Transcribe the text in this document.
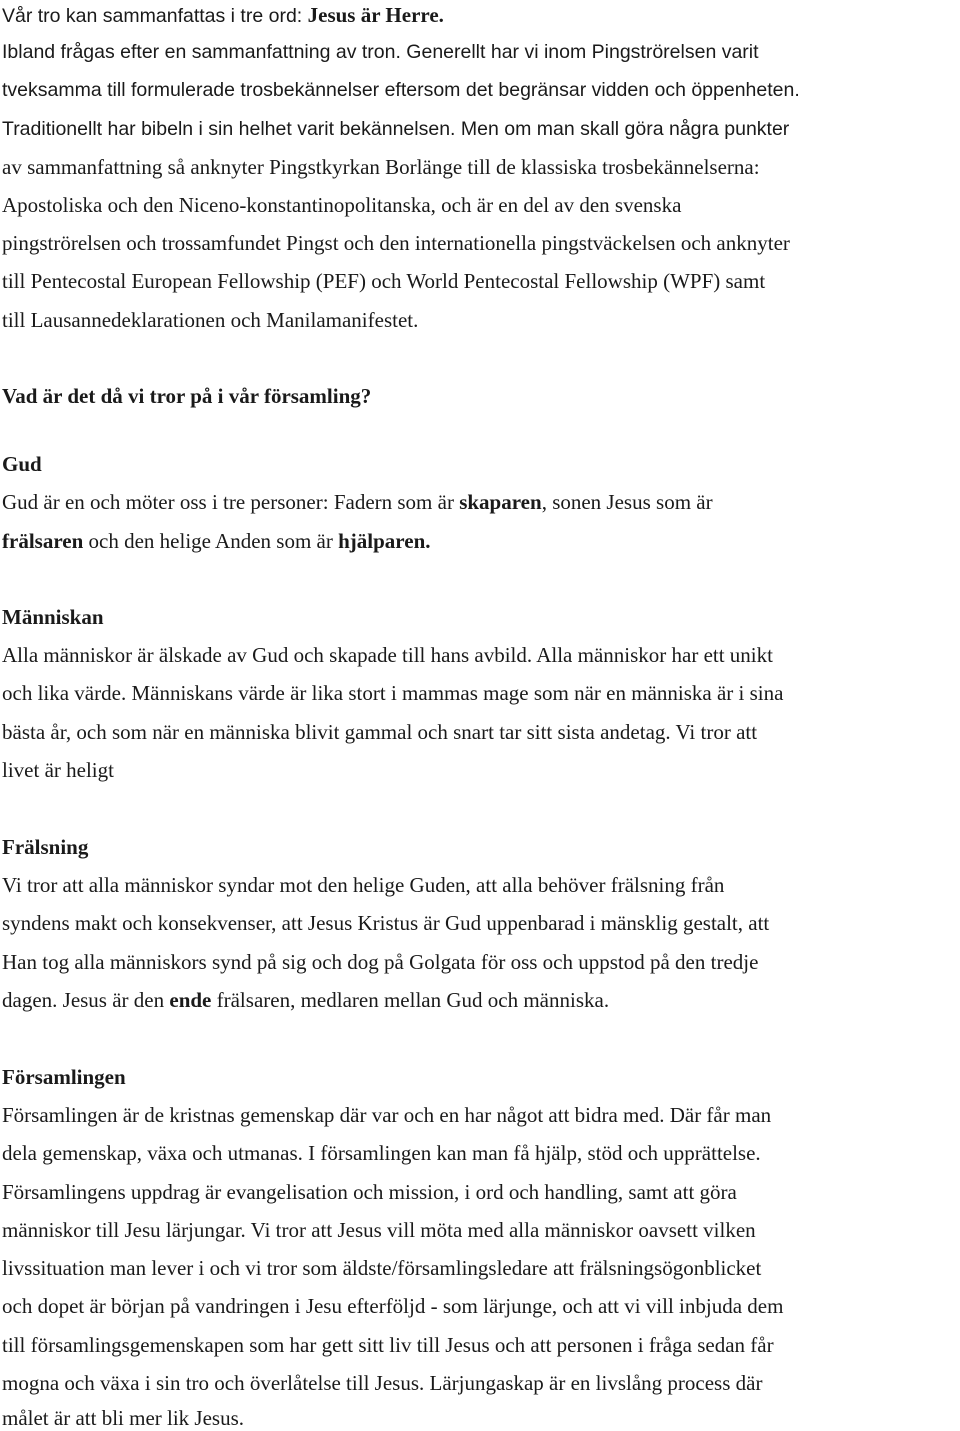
Vår tro kan sammanfattas i tre ord: Jesus är Herre.
Ibland frågas efter en sammanfattning av tron. Generellt har vi inom Pingströrelsen varit
tveksamma till formulerade trosbekännelser eftersom det begränsar vidden och öppenheten.
Traditionellt har bibeln i sin helhet varit bekännelsen. Men om man skall göra några punkter
av sammanfattning så anknyter Pingstkyrkan Borlänge till de klassiska trosbekännelserna:
Apostoliska och den Niceno-konstantinopolitanska, och är en del av den svenska
pingströrelsen och trossamfundet Pingst och den internationella pingstväckelsen och anknyter
till Pentecostal European Fellowship (PEF) och World Pentecostal Fellowship (WPF) samt
till Lausannedeklarationen och Manilamanifestet.
Vad är det då vi tror på i vår församling?
Gud
Gud är en och möter oss i tre personer: Fadern som är skaparen, sonen Jesus som är
frälsaren och den helige Anden som är hjälparen.
Människan
Alla människor är älskade av Gud och skapade till hans avbild. Alla människor har ett unikt
och lika värde. Människans värde är lika stort i mammas mage som när en människa är i sina
bästa år, och som när en människa blivit gammal och snart tar sitt sista andetag. Vi tror att
livet är heligt
Frälsning
Vi tror att alla människor syndar mot den helige Guden, att alla behöver frälsning från
syndens makt och konsekvenser, att Jesus Kristus är Gud uppenbarad i mänsklig gestalt, att
Han tog alla människors synd på sig och dog på Golgata för oss och uppstod på den tredje
dagen. Jesus är den ende frälsaren, medlaren mellan Gud och människa.
Församlingen
Församlingen är de kristnas gemenskap där var och en har något att bidra med. Där får man
dela gemenskap, växa och utmanas. I församlingen kan man få hjälp, stöd och upprättelse.
Församlingens uppdrag är evangelisation och mission, i ord och handling, samt att göra
människor till Jesu lärjungar. Vi tror att Jesus vill möta med alla människor oavsett vilken
livssituation man lever i och vi tror som äldste/församlingsledare att frälsningsögonblicket
och dopet är början på vandringen i Jesu efterföljd - som lärjunge, och att vi vill inbjuda dem
till församlingsgemenskapen som har gett sitt liv till Jesus och att personen i fråga sedan får
mogna och växa i sin tro och överlåtelse till Jesus. Lärjungaskap är en livslång process där
målet är att bli mer lik Jesus.
